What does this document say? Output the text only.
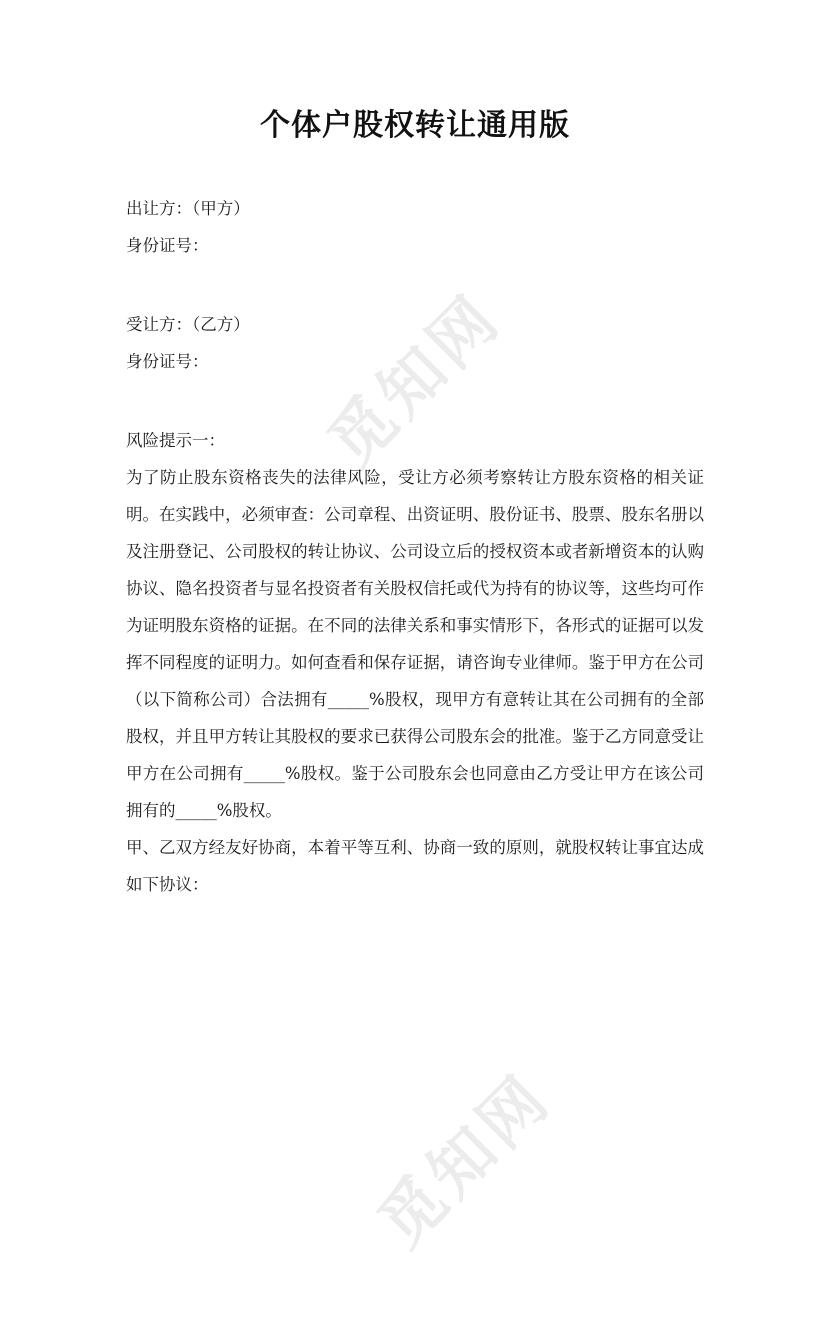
觅知网
觅知网
个体户股权转让通用版
出让方：（甲方）
身份证号：
受让方：（乙方）
身份证号：
风险提示一：
为了防止股东资格丧失的法律风险，受让方必须考察转让方股东资格的相关证明。在实践中，必须审查：公司章程、出资证明、股份证书、股票、股东名册以及注册登记、公司股权的转让协议、公司设立后的授权资本或者新增资本的认购协议、隐名投资者与显名投资者有关股权信托或代为持有的协议等，这些均可作为证明股东资格的证据。在不同的法律关系和事实情形下，各形式的证据可以发挥不同程度的证明力。如何查看和保存证据，请咨询专业律师。鉴于甲方在公司（以下简称公司）合法拥有_____%股权，现甲方有意转让其在公司拥有的全部股权，并且甲方转让其股权的要求已获得公司股东会的批准。鉴于乙方同意受让甲方在公司拥有_____%股权。鉴于公司股东会也同意由乙方受让甲方在该公司拥有的_____%股权。
甲、乙双方经友好协商，本着平等互利、协商一致的原则，就股权转让事宜达成如下协议：
